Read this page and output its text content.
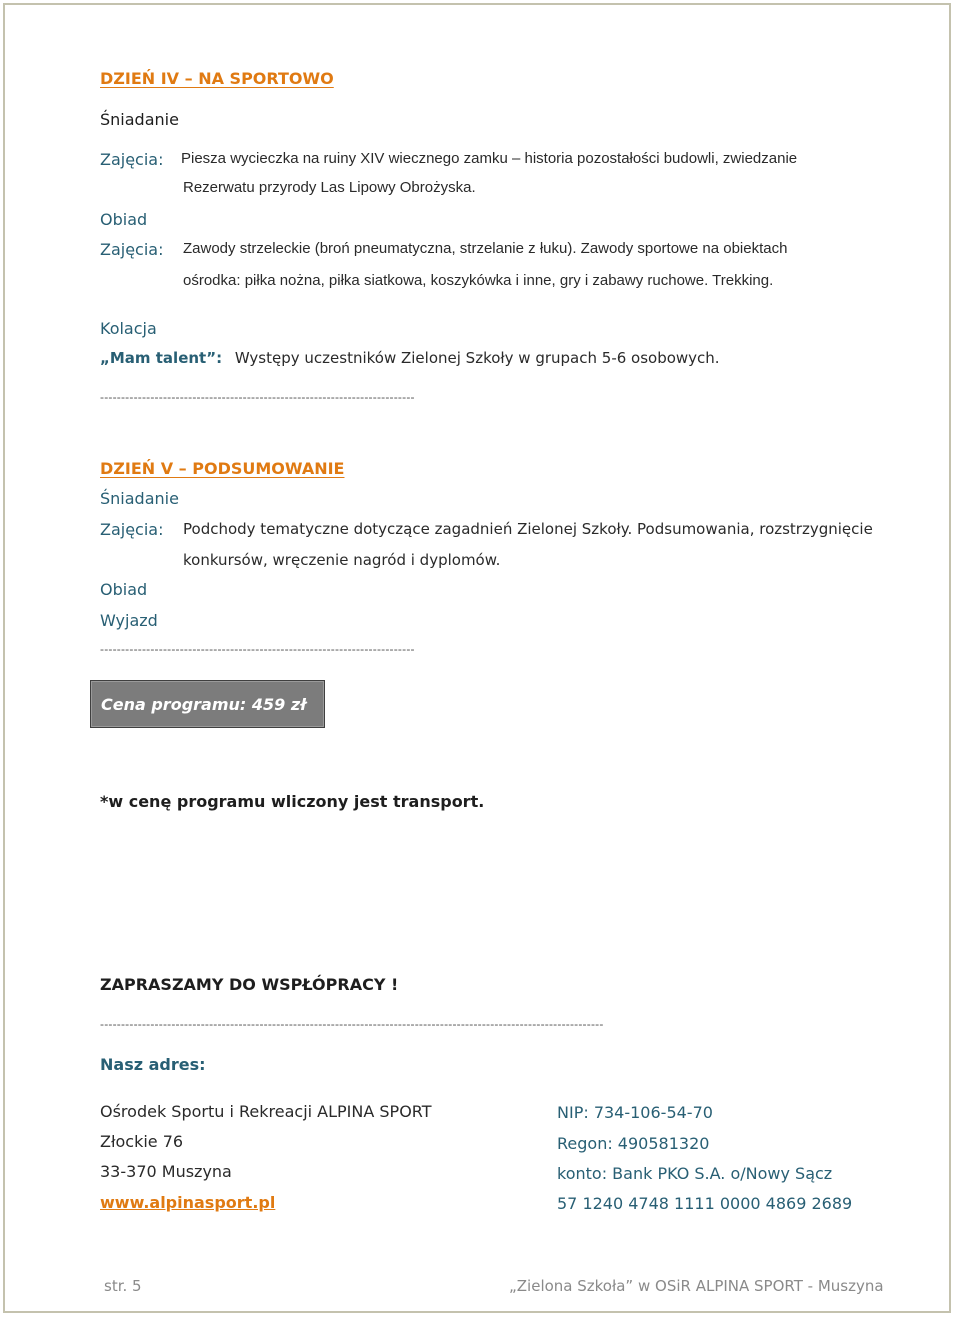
DZIEŃ IV – NA SPORTOWO
Śniadanie
Zajęcia: Piesza wycieczka na ruiny XIV wiecznego zamku – historia pozostałości budowli, zwiedzanie
Rezerwatu przyrody Las Lipowy Obrożyska.
Obiad
Zajęcia: Zawody strzeleckie (broń pneumatyczna, strzelanie z łuku). Zawody sportowe na obiektach
ośrodka: piłka nożna, piłka siatkowa, koszykówka i inne, gry i zabawy ruchowe. Trekking.
Kolacja
„Mam talent”: Występy uczestników Zielonej Szkoły w grupach 5-6 osobowych.
---------------------------------------------------------------------------
DZIEŃ V – PODSUMOWANIE
Śniadanie
Zajęcia: Podchody tematyczne dotyczące zagadnień Zielonej Szkoły. Podsumowania, rozstrzygnięcie
konkursów, wręczenie nagród i dyplomów.
Obiad
Wyjazd
---------------------------------------------------------------------------
Cena programu: 459 zł
*w cenę programu wliczony jest transport.
ZAPRASZAMY DO WSPŁÓPRACY !
------------------------------------------------------------------------------------------------------------------------
Nasz adres:
Ośrodek Sportu i Rekreacji ALPINA SPORT
Złockie 76
33-370 Muszyna
www.alpinasport.pl
NIP: 734-106-54-70
Regon: 490581320
konto: Bank PKO S.A. o/Nowy Sącz
57 1240 4748 1111 0000 4869 2689
str. 5	„Zielona Szkoła” w OSiR ALPINA SPORT - Muszyna
